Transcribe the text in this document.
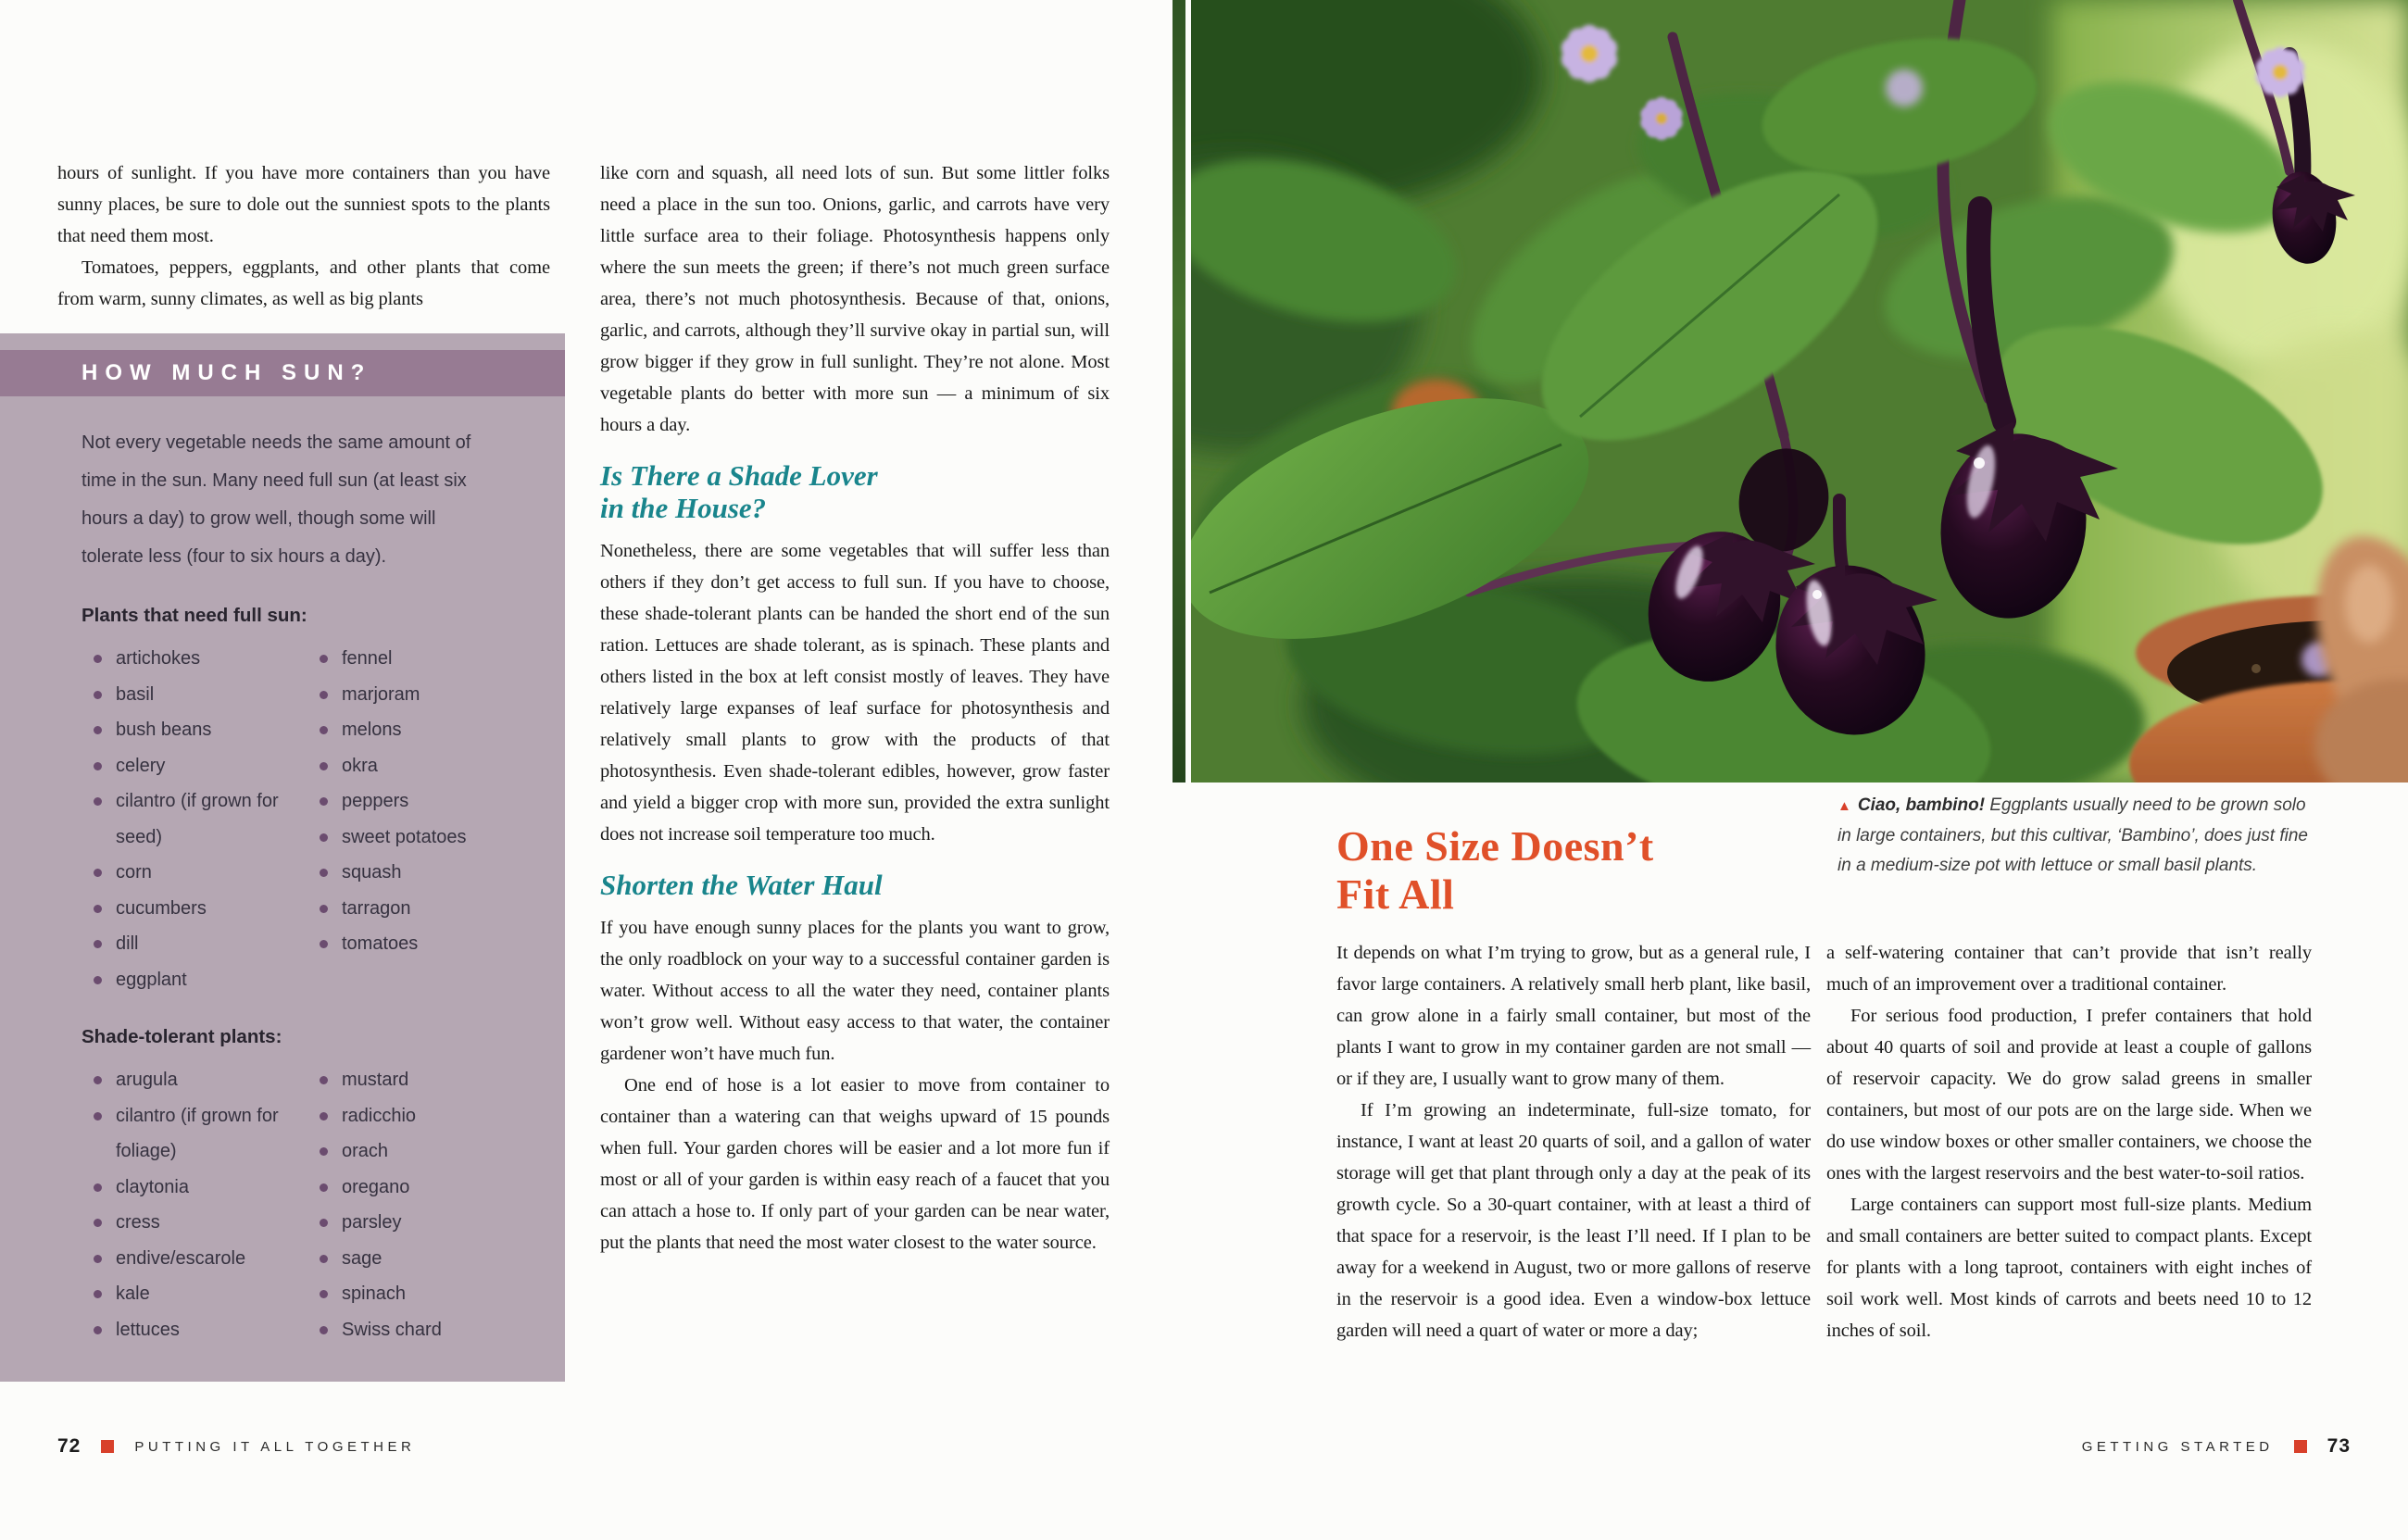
hours of sunlight. If you have more containers than you have sunny places, be sure to dole out the sunniest spots to the plants that need them most.

Tomatoes, peppers, eggplants, and other plants that come from warm, sunny climates, as well as big plants

HOW MUCH SUN?
Not every vegetable needs the same amount of time in the sun. Many need full sun (at least six hours a day) to grow well, though some will tolerate less (four to six hours a day).
Plants that need full sun:
artichokes
basil
bush beans
celery
cilantro (if grown for seed)
corn
cucumbers
dill
eggplant
fennel
marjoram
melons
okra
peppers
sweet potatoes
squash
tarragon
tomatoes
Shade-tolerant plants:
arugula
cilantro (if grown for foliage)
claytonia
cress
endive/escarole
kale
lettuces
mustard
radicchio
orach
oregano
parsley
sage
spinach
Swiss chard

like corn and squash, all need lots of sun. But some littler folks need a place in the sun too. Onions, garlic, and carrots have very little surface area to their foliage. Photosynthesis happens only where the sun meets the green; if there’s not much green surface area, there’s not much photosynthesis. Because of that, onions, garlic, and carrots, although they’ll survive okay in partial sun, will grow bigger if they grow in full sunlight. They’re not alone. Most vegetable plants do better with more sun — a minimum of six hours a day.

Is There a Shade Lover
in the House?

Nonetheless, there are some vegetables that will suffer less than others if they don’t get access to full sun. If you have to choose, these shade-tolerant plants can be handed the short end of the sun ration. Lettuces are shade tolerant, as is spinach. These plants and others listed in the box at left consist mostly of leaves. They have relatively large expanses of leaf surface for photosynthesis and relatively small plants to grow with the products of that photosynthesis. Even shade-tolerant edibles, however, grow faster and yield a bigger crop with more sun, provided the extra sunlight does not increase soil temperature too much.

Shorten the Water Haul

If you have enough sunny places for the plants you want to grow, the only roadblock on your way to a successful container garden is water. Without access to all the water they need, container plants won’t grow well. Without easy access to that water, the container gardener won’t have much fun.

One end of hose is a lot easier to move from container to container than a watering can that weighs upward of 15 pounds when full. Your garden chores will be easier and a lot more fun if most or all of your garden is within easy reach of a faucet that you can attach a hose to. If only part of your garden can be near water, put the plants that need the most water closest to the water source.

72	PUTTING IT ALL TOGETHER
▲ Ciao, bambino! Eggplants usually need to be grown solo in large containers, but this cultivar, ‘Bambino’, does just fine in a medium-size pot with lettuce or small basil plants.
One Size Doesn’t
Fit All

It depends on what I’m trying to grow, but as a general rule, I favor large containers. A relatively small herb plant, like basil, can grow alone in a fairly small container, but most of the plants I want to grow in my container garden are not small — or if they are, I usually want to grow many of them.

If I’m growing an indeterminate, full-size tomato, for instance, I want at least 20 quarts of soil, and a gallon of water storage will get that plant through only a day at the peak of its growth cycle. So a 30-quart container, with at least a third of that space for a reservoir, is the least I’ll need. If I plan to be away for a weekend in August, two or more gallons of reserve in the reservoir is a good idea. Even a window-box lettuce garden will need a quart of water or more a day;

a self-watering container that can’t provide that isn’t really much of an improvement over a traditional container.

For serious food production, I prefer containers that hold about 40 quarts of soil and provide at least a couple of gallons of reservoir capacity. We do grow salad greens in smaller containers, but most of our pots are on the large side. When we do use window boxes or other smaller containers, we choose the ones with the largest reservoirs and the best water-to-soil ratios.

Large containers can support most full-size plants. Medium and small containers are better suited to compact plants. Except for plants with a long taproot, containers with eight inches of soil work well. Most kinds of carrots and beets need 10 to 12 inches of soil.

GETTING STARTED	73
